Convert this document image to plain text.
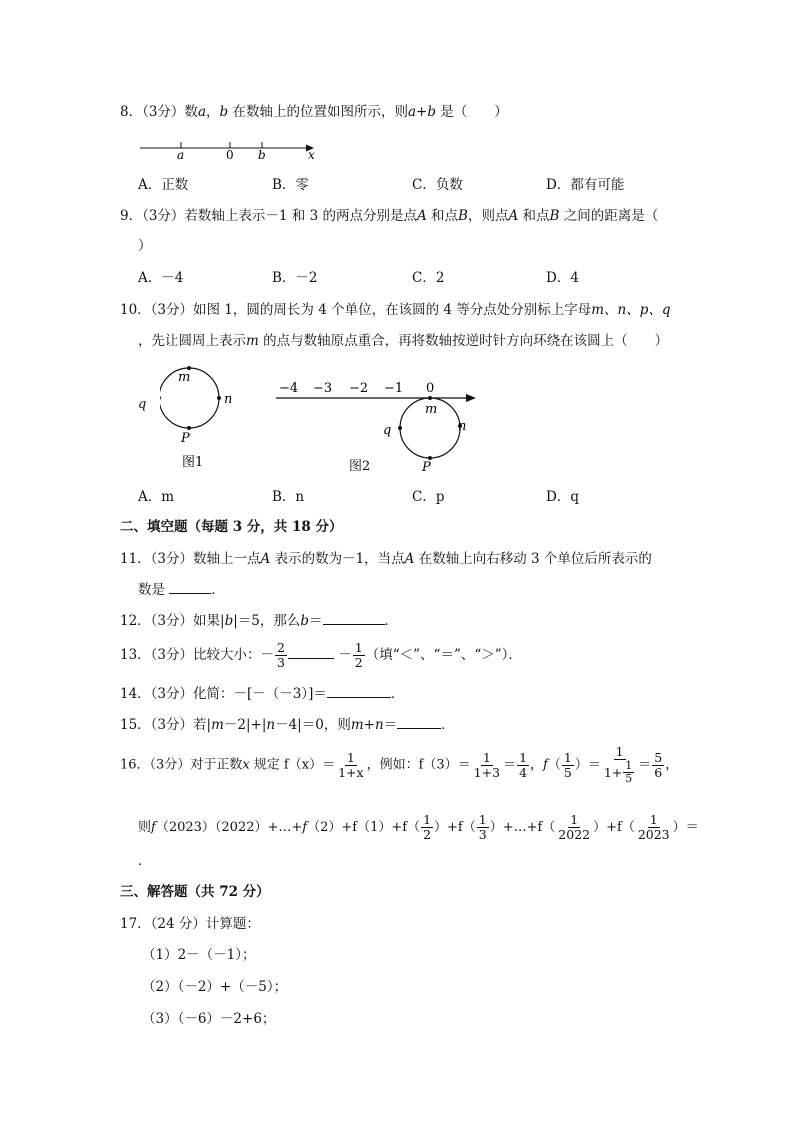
8．（3分）数a，b 在数轴上的位置如图所示，则a+b 是（　　）
a	0 b	x
A．正数	B．零	C．负数	D．都有可能
9．（3分）若数轴上表示－1 和 3 的两点分别是点A 和点B，则点A 和点B 之间的距离是（
）
A．－4	B．－2	C．2	D．4
10．（3分）如图 1，圆的周长为 4 个单位，在该圆的 4 等分点处分别标上字母m、n、p、q
，先让圆周上表示m 的点与数轴原点重合，再将数轴按逆时针方向环绕在该圆上（　　）
m
n
P
图1
q
−4 −3 −2 −1 0
m
n
P
q
图2
A．m	B．n	C．p	D．q
二、填空题（每题 3 分，共 18 分）
11．（3分）数轴上一点A 表示的数为－1，当点A 在数轴上向右移动 3 个单位后所表示的
数是	．
12．（3分）如果|b|＝5，那么b＝	．
13．（3分）比较大小：－ $\frac{2}{3}$	－ $\frac{1}{2}$ （填“＜”、“＝”、“＞”）．
14．（3分）化简：－[－（－3）]＝	．
15．（3分）若|m－2|+|n－4|＝0，则m+n＝	．
16．（3分）对于正数x 规定 $f(x)= \frac{1}{1+x}$ ，例如：$f(3)= \frac{1}{1+3} = \frac{1}{4}$ ，$f( \frac{1}{5}$ ）＝ $\frac{1}{1+ \frac{1}{5}} = \frac{5}{6}$ ，
则f（2023）（2022）+…+f（2）+f（1）+f（ $\frac{1}{2} )+f( \frac{1}{3}$ ）+…+f（ $\frac{1}{2022} )+f( \frac{1}{2023}$ ）＝
．
三、解答题（共 72 分）
17．（24 分）计算题：
（1）2－（－1）；
（2）（－2）+（－5）；
（3）（－6）－2+6；
